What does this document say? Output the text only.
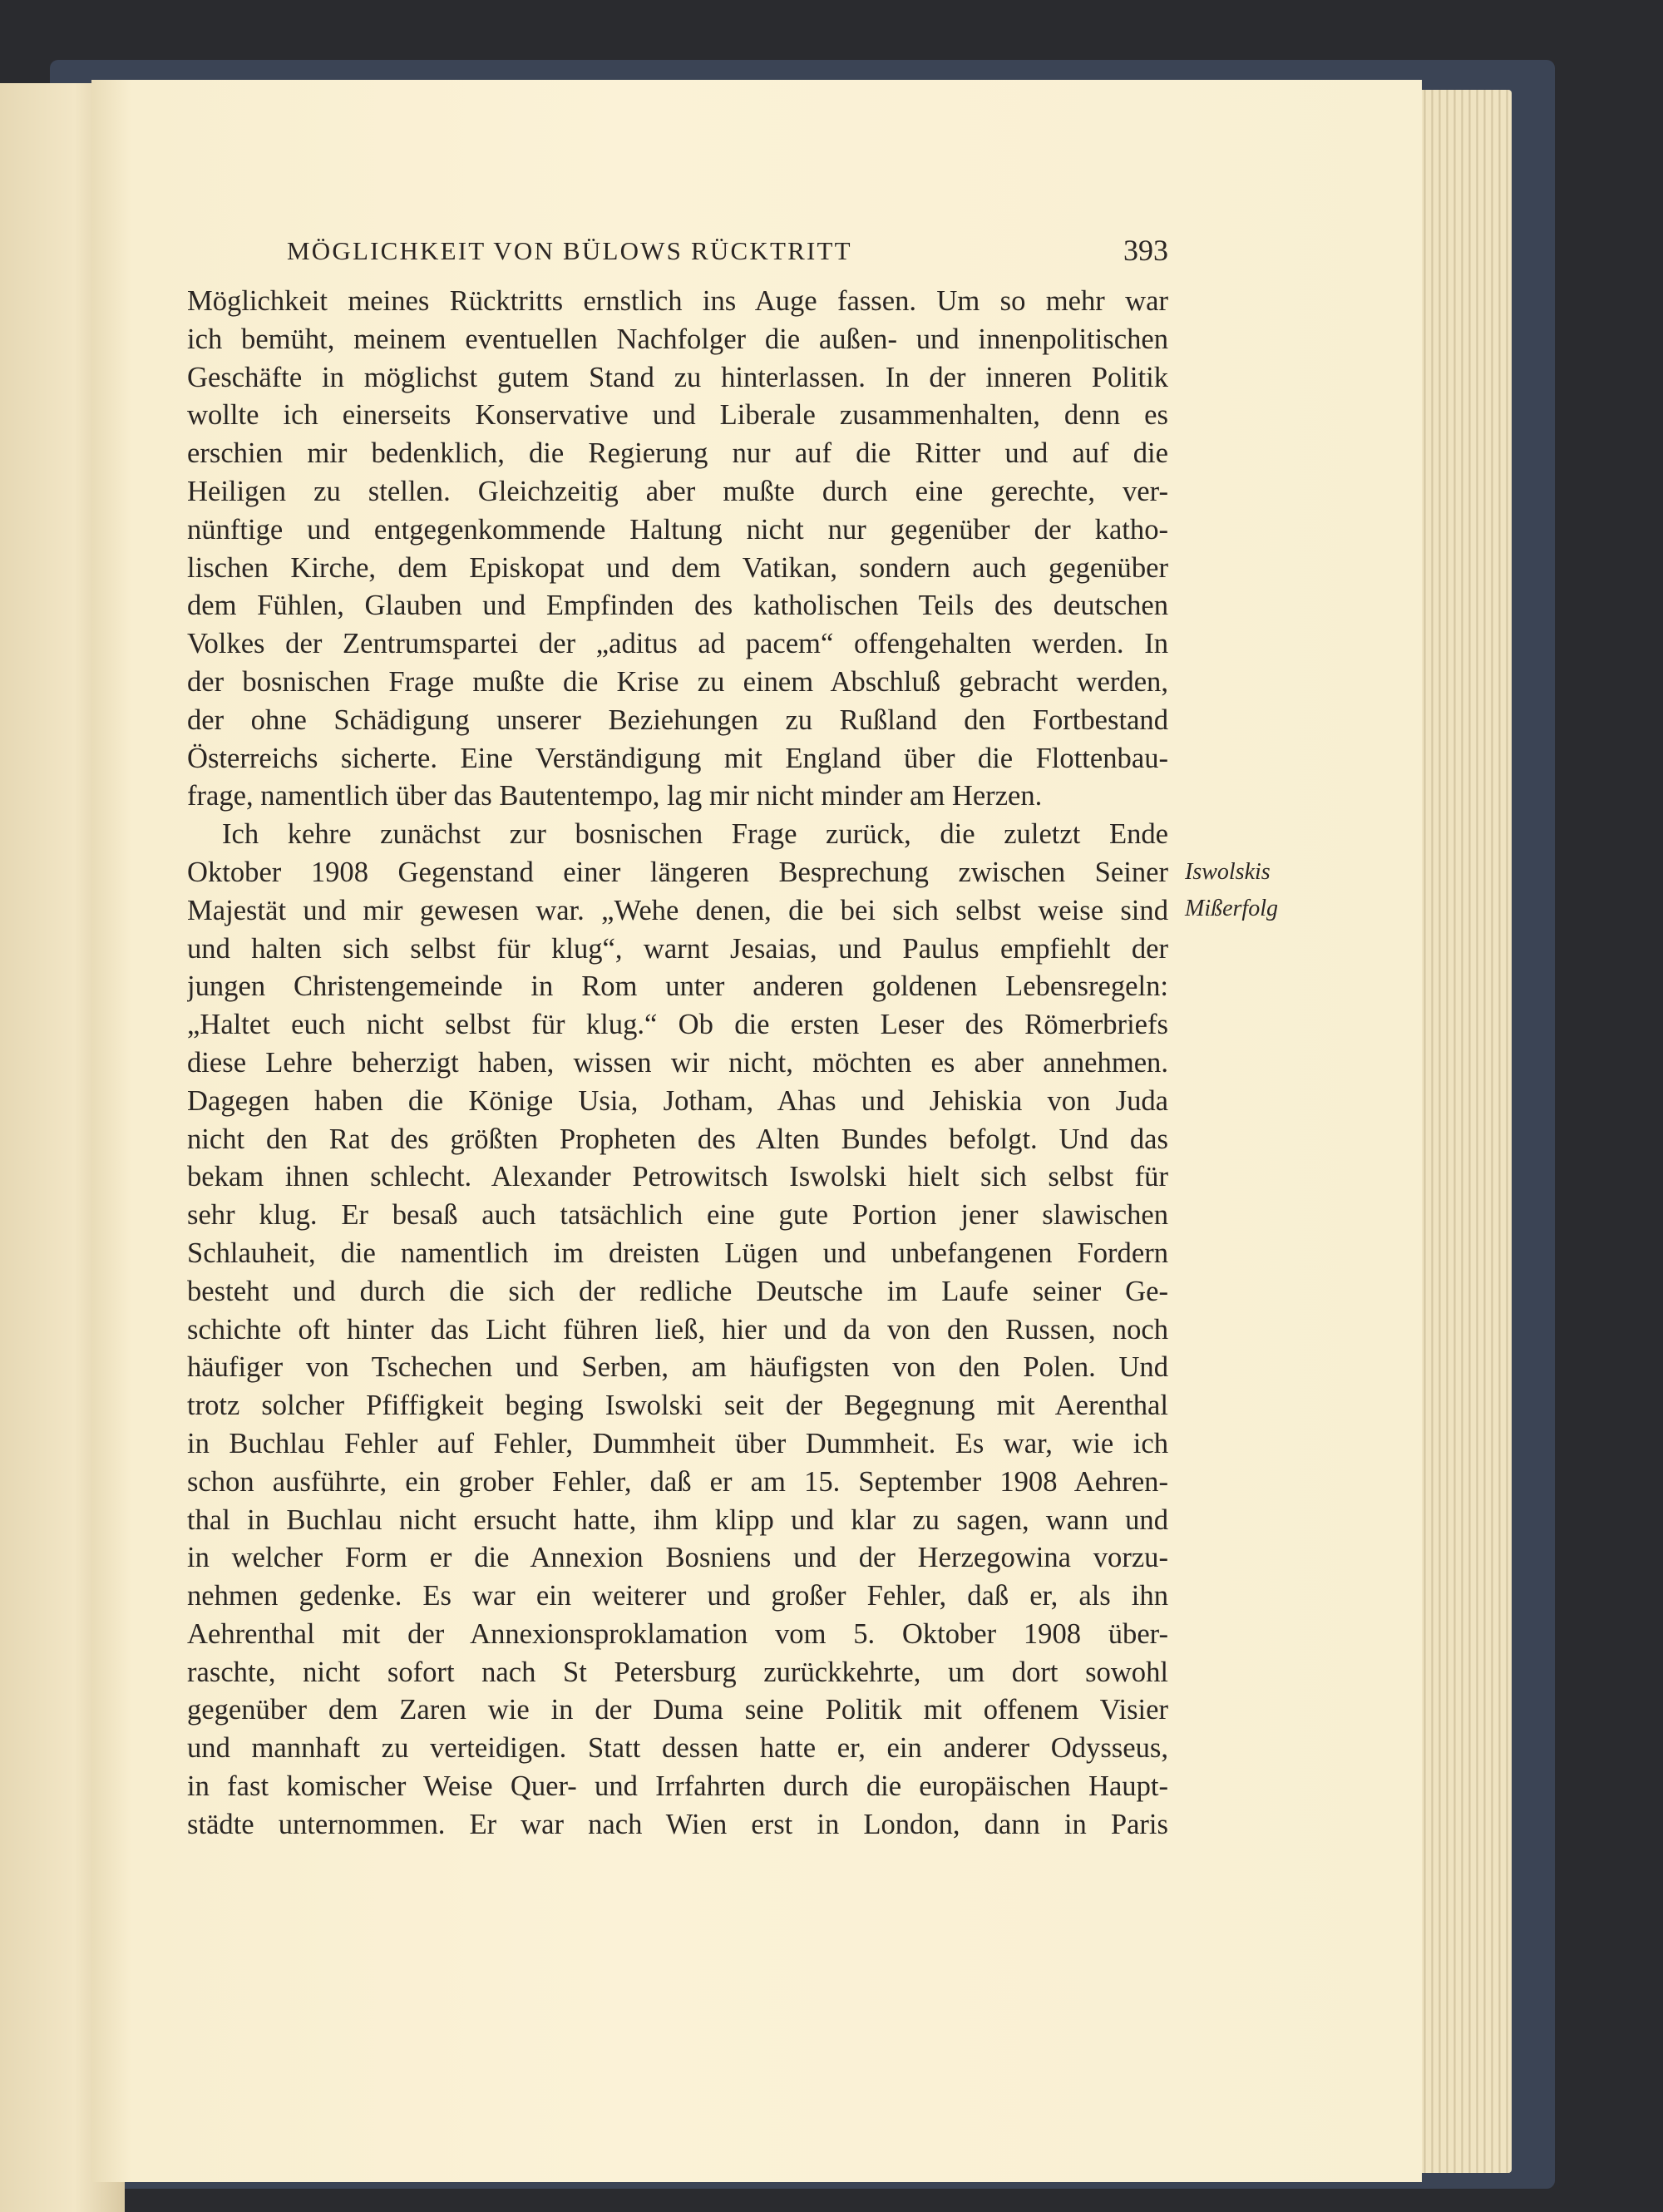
MÖGLICHKEIT VON BÜLOWS RÜCKTRITT	393
Möglichkeit meines Rücktritts ernstlich ins Auge fassen. Um so mehr war
ich bemüht, meinem eventuellen Nachfolger die außen- und innenpolitischen
Geschäfte in möglichst gutem Stand zu hinterlassen. In der inneren Politik
wollte ich einerseits Konservative und Liberale zusammenhalten, denn es
erschien mir bedenklich, die Regierung nur auf die Ritter und auf die
Heiligen zu stellen. Gleichzeitig aber mußte durch eine gerechte, ver-
nünftige und entgegenkommende Haltung nicht nur gegenüber der katho-
lischen Kirche, dem Episkopat und dem Vatikan, sondern auch gegenüber
dem Fühlen, Glauben und Empfinden des katholischen Teils des deutschen
Volkes der Zentrumspartei der „aditus ad pacem“ offengehalten werden. In
der bosnischen Frage mußte die Krise zu einem Abschluß gebracht werden,
der ohne Schädigung unserer Beziehungen zu Rußland den Fortbestand
Österreichs sicherte. Eine Verständigung mit England über die Flottenbau-
frage, namentlich über das Bautentempo, lag mir nicht minder am Herzen.
Ich kehre zunächst zur bosnischen Frage zurück, die zuletzt Ende
Oktober 1908 Gegenstand einer längeren Besprechung zwischen Seiner
Majestät und mir gewesen war. „Wehe denen, die bei sich selbst weise sind
und halten sich selbst für klug“, warnt Jesaias, und Paulus empfiehlt der
jungen Christengemeinde in Rom unter anderen goldenen Lebensregeln:
„Haltet euch nicht selbst für klug.“ Ob die ersten Leser des Römerbriefs
diese Lehre beherzigt haben, wissen wir nicht, möchten es aber annehmen.
Dagegen haben die Könige Usia, Jotham, Ahas und Jehiskia von Juda
nicht den Rat des größten Propheten des Alten Bundes befolgt. Und das
bekam ihnen schlecht. Alexander Petrowitsch Iswolski hielt sich selbst für
sehr klug. Er besaß auch tatsächlich eine gute Portion jener slawischen
Schlauheit, die namentlich im dreisten Lügen und unbefangenen Fordern
besteht und durch die sich der redliche Deutsche im Laufe seiner Ge-
schichte oft hinter das Licht führen ließ, hier und da von den Russen, noch
häufiger von Tschechen und Serben, am häufigsten von den Polen. Und
trotz solcher Pfiffigkeit beging Iswolski seit der Begegnung mit Aerenthal
in Buchlau Fehler auf Fehler, Dummheit über Dummheit. Es war, wie ich
schon ausführte, ein grober Fehler, daß er am 15. September 1908 Aehren-
thal in Buchlau nicht ersucht hatte, ihm klipp und klar zu sagen, wann und
in welcher Form er die Annexion Bosniens und der Herzegowina vorzu-
nehmen gedenke. Es war ein weiterer und großer Fehler, daß er, als ihn
Aehrenthal mit der Annexionsproklamation vom 5. Oktober 1908 über-
raschte, nicht sofort nach St Petersburg zurückkehrte, um dort sowohl
gegenüber dem Zaren wie in der Duma seine Politik mit offenem Visier
und mannhaft zu verteidigen. Statt dessen hatte er, ein anderer Odysseus,
in fast komischer Weise Quer- und Irrfahrten durch die europäischen Haupt-
städte unternommen. Er war nach Wien erst in London, dann in Paris
Iswolskis
Mißerfolg
